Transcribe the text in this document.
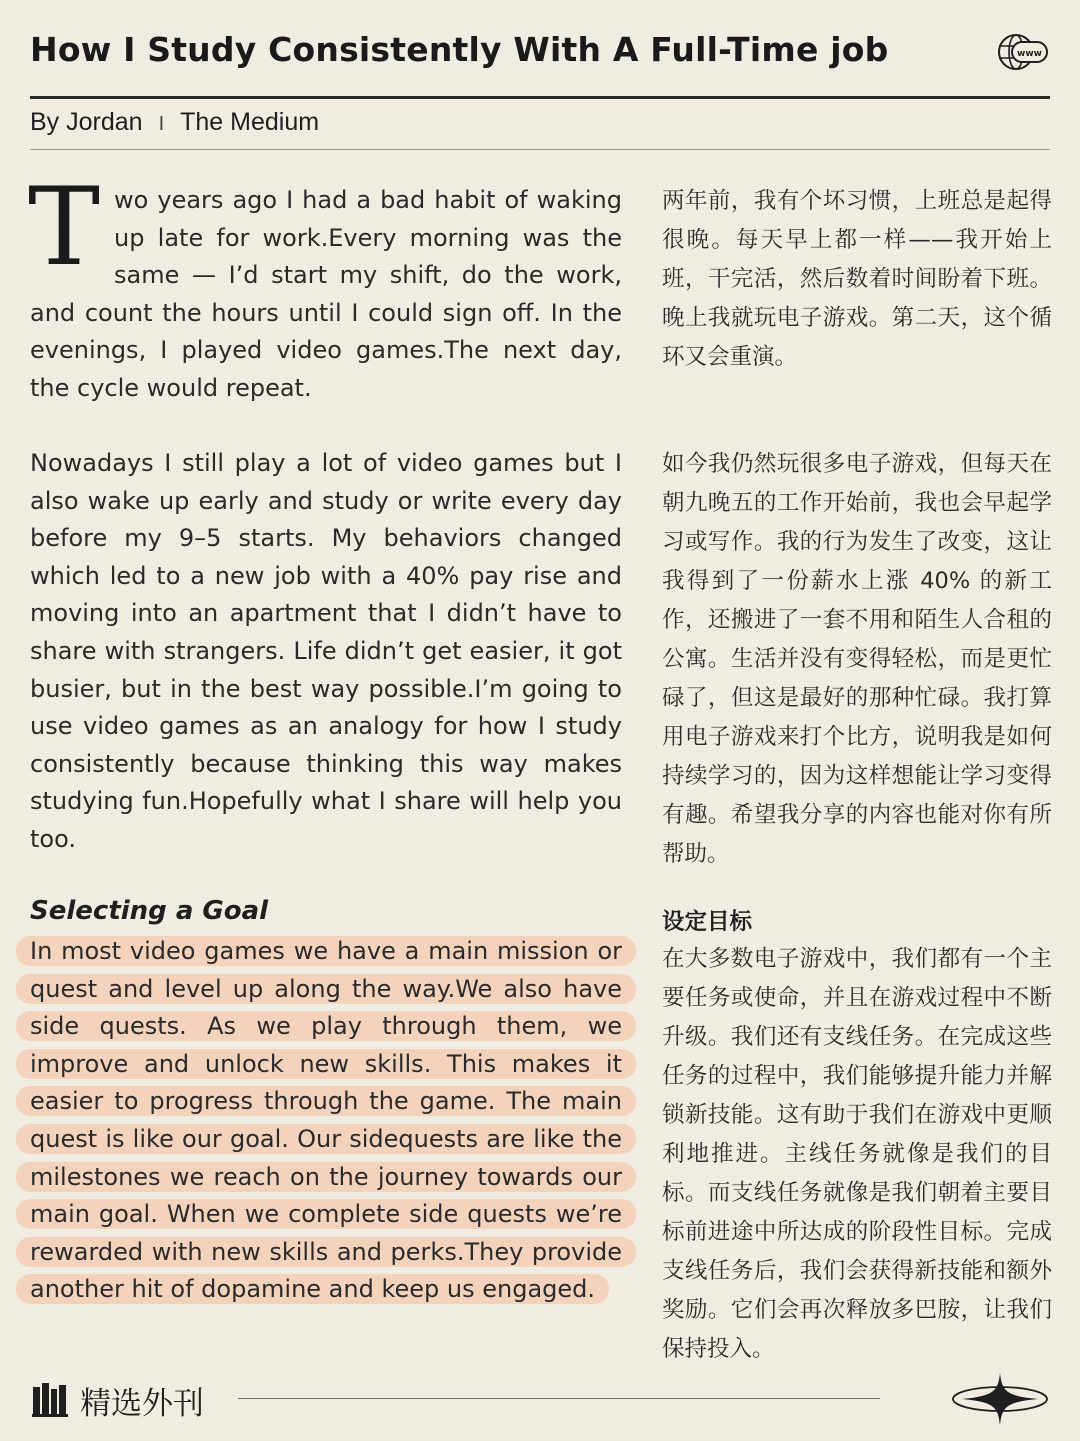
How I Study Consistently With A Full-Time job	www
By Jordan I The Medium
Two years ago I had a bad habit of waking up late for work.Every morning was the same — I’d start my shift, do the work, and count the hours until I could sign off. In the evenings, I played video games.The next day, the cycle would repeat.
两年前，我有个坏习惯，上班总是起得很晚。每天早上都一样——我开始上班，干完活，然后数着时间盼着下班。晚上我就玩电子游戏。第二天，这个循环又会重演。
Nowadays I still play a lot of video games but I also wake up early and study or write every day before my 9–5 starts. My behaviors changed which led to a new job with a 40% pay rise and moving into an apartment that I didn’t have to share with strangers. Life didn’t get easier, it got busier, but in the best way possible.I’m going to use video games as an analogy for how I study consistently because thinking this way makes studying fun.Hopefully what I share will help you too.
如今我仍然玩很多电子游戏，但每天在朝九晚五的工作开始前，我也会早起学习或写作。我的行为发生了改变，这让我得到了一份薪水上涨 40% 的新工作，还搬进了一套不用和陌生人合租的公寓。生活并没有变得轻松，而是更忙碌了，但这是最好的那种忙碌。我打算用电子游戏来打个比方，说明我是如何持续学习的，因为这样想能让学习变得有趣。希望我分享的内容也能对你有所帮助。
Selecting a Goal	设定目标
In most video games we have a main mission or quest and level up along the way.We also have side quests. As we play through them, we improve and unlock new skills. This makes it easier to progress through the game. The main quest is like our goal. Our sidequests are like the milestones we reach on the journey towards our main goal. When we complete side quests we’re rewarded with new skills and perks.They provide another hit of dopamine and keep us engaged.
在大多数电子游戏中，我们都有一个主要任务或使命，并且在游戏过程中不断升级。我们还有支线任务。在完成这些任务的过程中，我们能够提升能力并解锁新技能。这有助于我们在游戏中更顺利地推进。主线任务就像是我们的目标。而支线任务就像是我们朝着主要目标前进途中所达成的阶段性目标。完成支线任务后，我们会获得新技能和额外奖励。它们会再次释放多巴胺，让我们保持投入。
精选外刊
